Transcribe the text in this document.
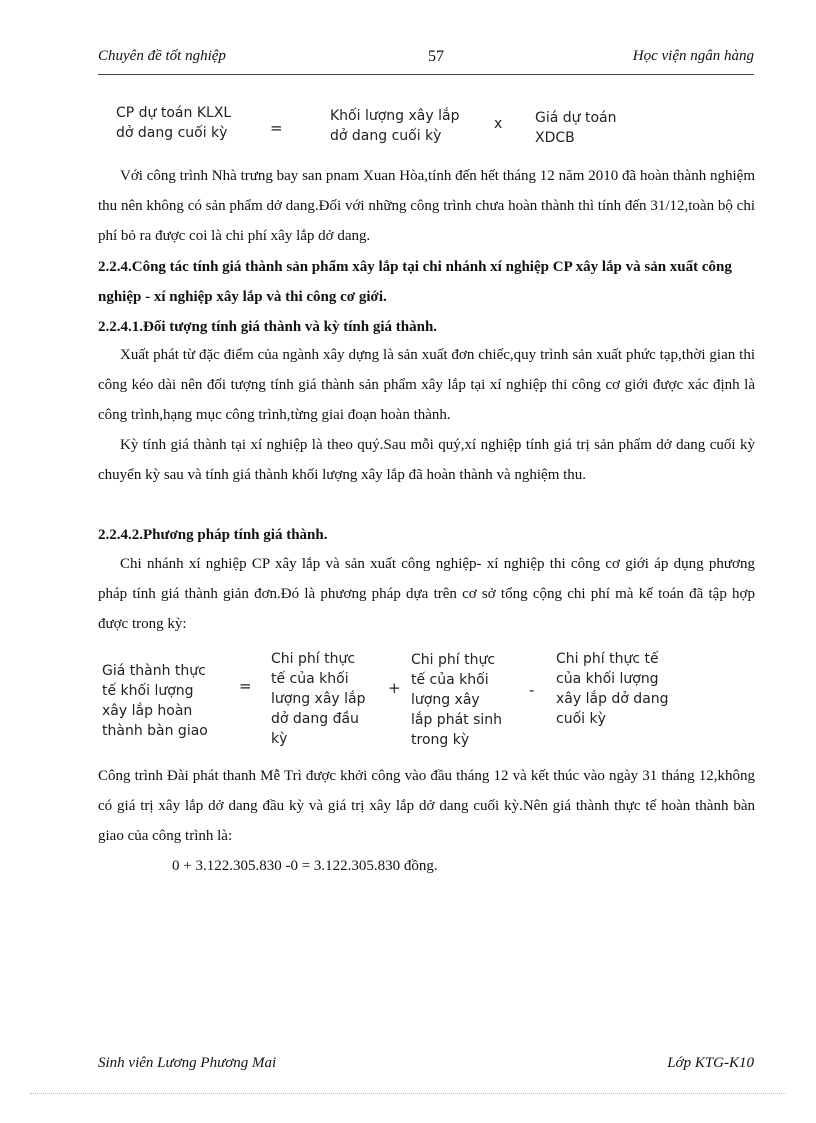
Chuyên đề tốt nghiệp	57	Học viện ngân hàng
CP dự toán KLXL
dở dang cuối kỳ	=
Khối lượng xây lắp
dở dang cuối kỳ
x Giá dự toán
XDCB

Với công trình Nhà trưng bay san pnam Xuan Hòa,tính đến hết tháng 12 năm 2010 đã hoàn thành nghiệm thu nên không có sản phẩm dở dang.Đối với những công trình chưa hoàn thành thì tính đến 31/12,toàn bộ chi phí bỏ ra được coi là chi phí xây lắp dở dang.

2.2.4.Công tác tính giá thành sản phẩm xây lắp tại chi nhánh xí nghiệp CP xây lắp và sản xuất công nghiệp - xí nghiệp xây lắp và thi công cơ giới.

2.2.4.1.Đối tượng tính giá thành và kỳ tính giá thành.

Xuất phát từ đặc điểm của ngành xây dựng là sản xuất đơn chiếc,quy trình sản xuất phức tạp,thời gian thi công kéo dài nên đối tượng tính giá thành sản phẩm xây lắp tại xí nghiệp thi công cơ giới được xác định là công trình,hạng mục công trình,từng giai đoạn hoàn thành.

Kỳ tính giá thành tại xí nghiệp là theo quý.Sau mỗi quý,xí nghiệp tính giá trị sản phẩm dở dang cuối kỳ chuyển kỳ sau và tính giá thành khối lượng xây lắp đã hoàn thành và nghiệm thu.

2.2.4.2.Phương pháp tính giá thành.

Chi nhánh xí nghiệp CP xây lắp và sản xuất công nghiệp- xí nghiệp thi công cơ giới áp dụng phương pháp tính giá thành giản đơn.Đó là phương pháp dựa trên cơ sở tổng cộng chi phí mà kế toán đã tập hợp được trong kỳ:

Giá thành thực
tế khối lượng
xây lắp hoàn
thành bàn giao
=
Chi phí thực
tế của khối
lượng xây lắp
dở dang đầu
kỳ
+
Chi phí thực
tế của khối
lượng xây
lắp phát sinh
trong kỳ
-
Chi phí thực tế
của khối lượng
xây lắp dở dang
cuối kỳ

Công trình Đài phát thanh Mễ Trì được khởi công vào đầu tháng 12 và kết thúc vào ngày 31 tháng 12,không có giá trị xây lắp dở dang đầu kỳ và giá trị xây lắp dở dang cuối kỳ.Nên giá thành thực tế hoàn thành bàn giao của công trình là:

0 + 3.122.305.830 -0 = 3.122.305.830 đồng.

Sinh viên Lương Phương Mai	Lớp KTG-K10
